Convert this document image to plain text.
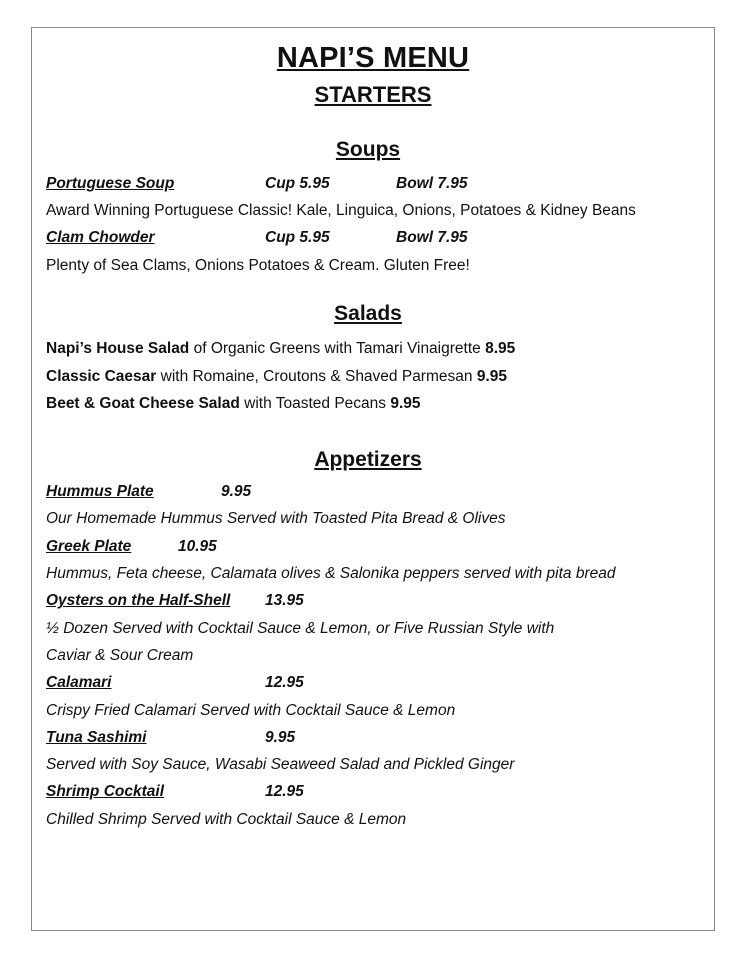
NAPI’S MENU
STARTERS
Soups
Portuguese Soup	Cup 5.95	Bowl 7.95
Award Winning Portuguese Classic! Kale, Linguica, Onions, Potatoes & Kidney Beans
Clam Chowder	Cup 5.95	Bowl 7.95
Plenty of Sea Clams, Onions Potatoes & Cream. Gluten Free!
Salads
Napi’s House Salad of Organic Greens with Tamari Vinaigrette 8.95
Classic Caesar with Romaine, Croutons & Shaved Parmesan 9.95
Beet & Goat Cheese Salad with Toasted Pecans 9.95
Appetizers
Hummus Plate	9.95
Our Homemade Hummus Served with Toasted Pita Bread & Olives
Greek Plate	10.95
Hummus, Feta cheese, Calamata olives & Salonika peppers served with pita bread
Oysters on the Half-Shell 13.95
½ Dozen Served with Cocktail Sauce & Lemon, or Five Russian Style with
Caviar & Sour Cream
Calamari	12.95
Crispy Fried Calamari Served with Cocktail Sauce & Lemon
Tuna Sashimi	9.95
Served with Soy Sauce, Wasabi Seaweed Salad and Pickled Ginger
Shrimp Cocktail	12.95
Chilled Shrimp Served with Cocktail Sauce & Lemon
